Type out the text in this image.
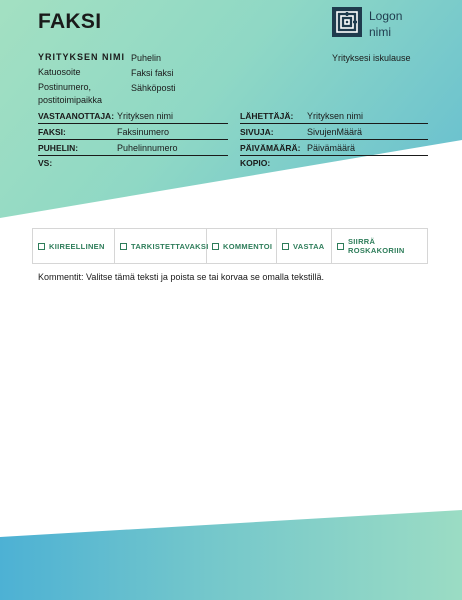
FAKSI	Logon
nimi
Yrityksesi iskulause
YRITYKSEN NIMI
Katuosoite
Postinumero, postitoimipaikka
Puhelin
Faksi faksi
Sähköposti
VASTAANOTTAJA: Yrityksen nimi	LÄHETTÄJÄ: Yrityksen nimi
FAKSI:	Faksinumero	SIVUJA:	SivujenMäärä
PUHELIN:	Puhelinnumero	PÄIVÄMÄÄRÄ: Päivämäärä
VS:	KOPIO:
KIIREELLINEN	TARKISTETTAVAKSI KOMMENTOI	VASTAA	SIIRRÄ ROSKAKORIIN
Kommentit: Valitse tämä teksti ja poista se tai korvaa se omalla tekstillä.
